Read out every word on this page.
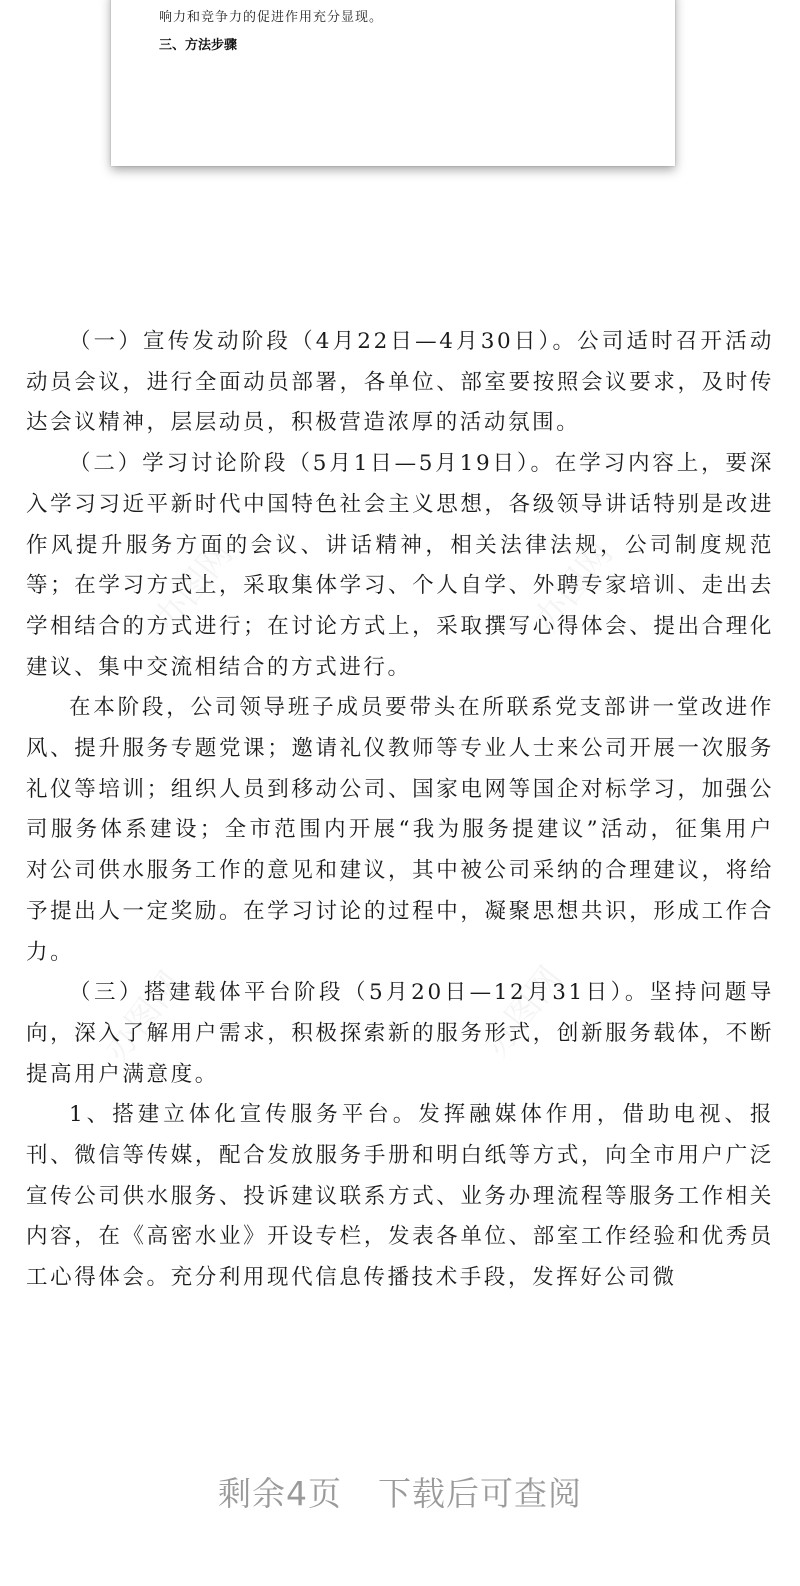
响力和竞争力的促进作用充分显现。
三、方法步骤
办图网	办图网
办图网	办图网

（一）宣传发动阶段（4月22日—4月30日）。公司适时召开活动动员会议，进行全面动员部署，各单位、部室要按照会议要求，及时传达会议精神，层层动员，积极营造浓厚的活动氛围。

（二）学习讨论阶段（5月1日—5月19日）。在学习内容上，要深入学习习近平新时代中国特色社会主义思想，各级领导讲话特别是改进作风提升服务方面的会议、讲话精神，相关法律法规，公司制度规范等；在学习方式上，采取集体学习、个人自学、外聘专家培训、走出去学相结合的方式进行；在讨论方式上，采取撰写心得体会、提出合理化建议、集中交流相结合的方式进行。

在本阶段，公司领导班子成员要带头在所联系党支部讲一堂改进作风、提升服务专题党课；邀请礼仪教师等专业人士来公司开展一次服务礼仪等培训；组织人员到移动公司、国家电网等国企对标学习，加强公司服务体系建设；全市范围内开展“我为服务提建议”活动，征集用户对公司供水服务工作的意见和建议，其中被公司采纳的合理建议，将给予提出人一定奖励。在学习讨论的过程中，凝聚思想共识，形成工作合力。

（三）搭建载体平台阶段（5月20日—12月31日）。坚持问题导向，深入了解用户需求，积极探索新的服务形式，创新服务载体，不断提高用户满意度。

1、搭建立体化宣传服务平台。发挥融媒体作用，借助电视、报刊、微信等传媒，配合发放服务手册和明白纸等方式，向全市用户广泛宣传公司供水服务、投诉建议联系方式、业务办理流程等服务工作相关内容，在《高密水业》开设专栏，发表各单位、部室工作经验和优秀员工心得体会。充分利用现代信息传播技术手段，发挥好公司微

剩余4页 下载后可查阅
